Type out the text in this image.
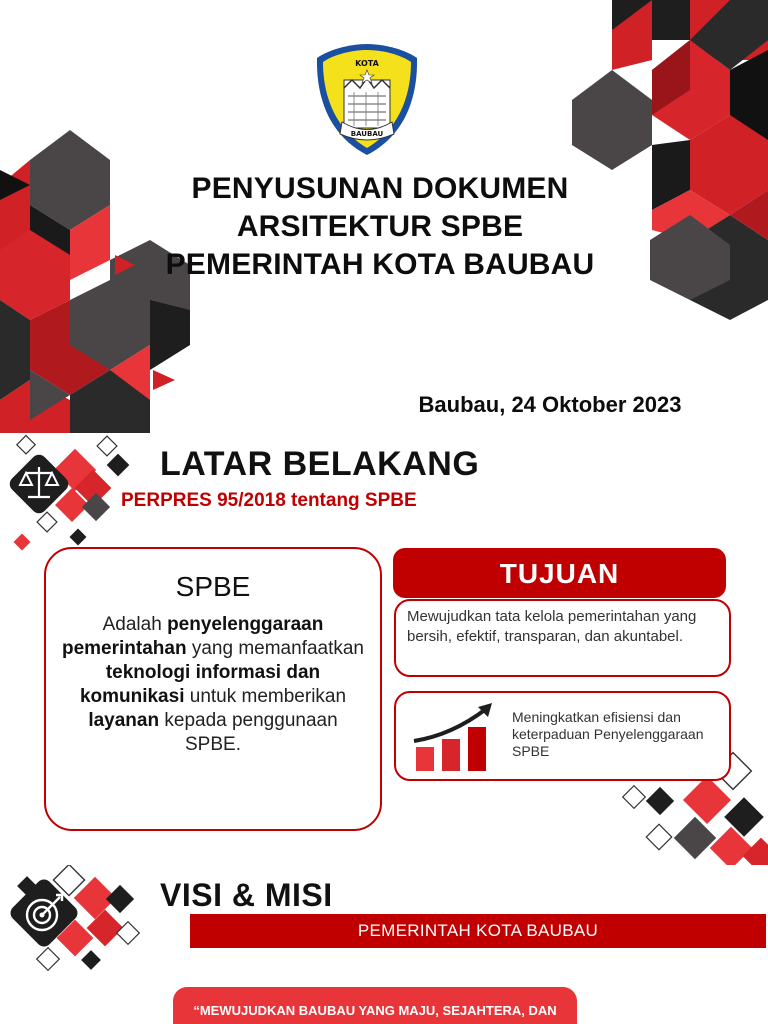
KOTA
BAUBAU
PENYUSUNAN DOKUMEN
ARSITEKTUR SPBE
PEMERINTAH KOTA BAUBAU
Baubau, 24 Oktober 2023
LATAR BELAKANG
PERPRES 95/2018 tentang SPBE
SPBE
Adalah penyelenggaraan pemerintahan yang memanfaatkan teknologi informasi dan komunikasi untuk memberikan layanan kepada penggunaan SPBE.
TUJUAN

Mewujudkan tata kelola pemerintahan yang bersih, efektif, transparan, dan akuntabel.

Meningkatkan efisiensi dan keterpaduan Penyelenggaraan SPBE

VISI & MISI
PEMERINTAH KOTA BAUBAU
“MEWUJUDKAN BAUBAU YANG MAJU, SEJAHTERA, DAN
